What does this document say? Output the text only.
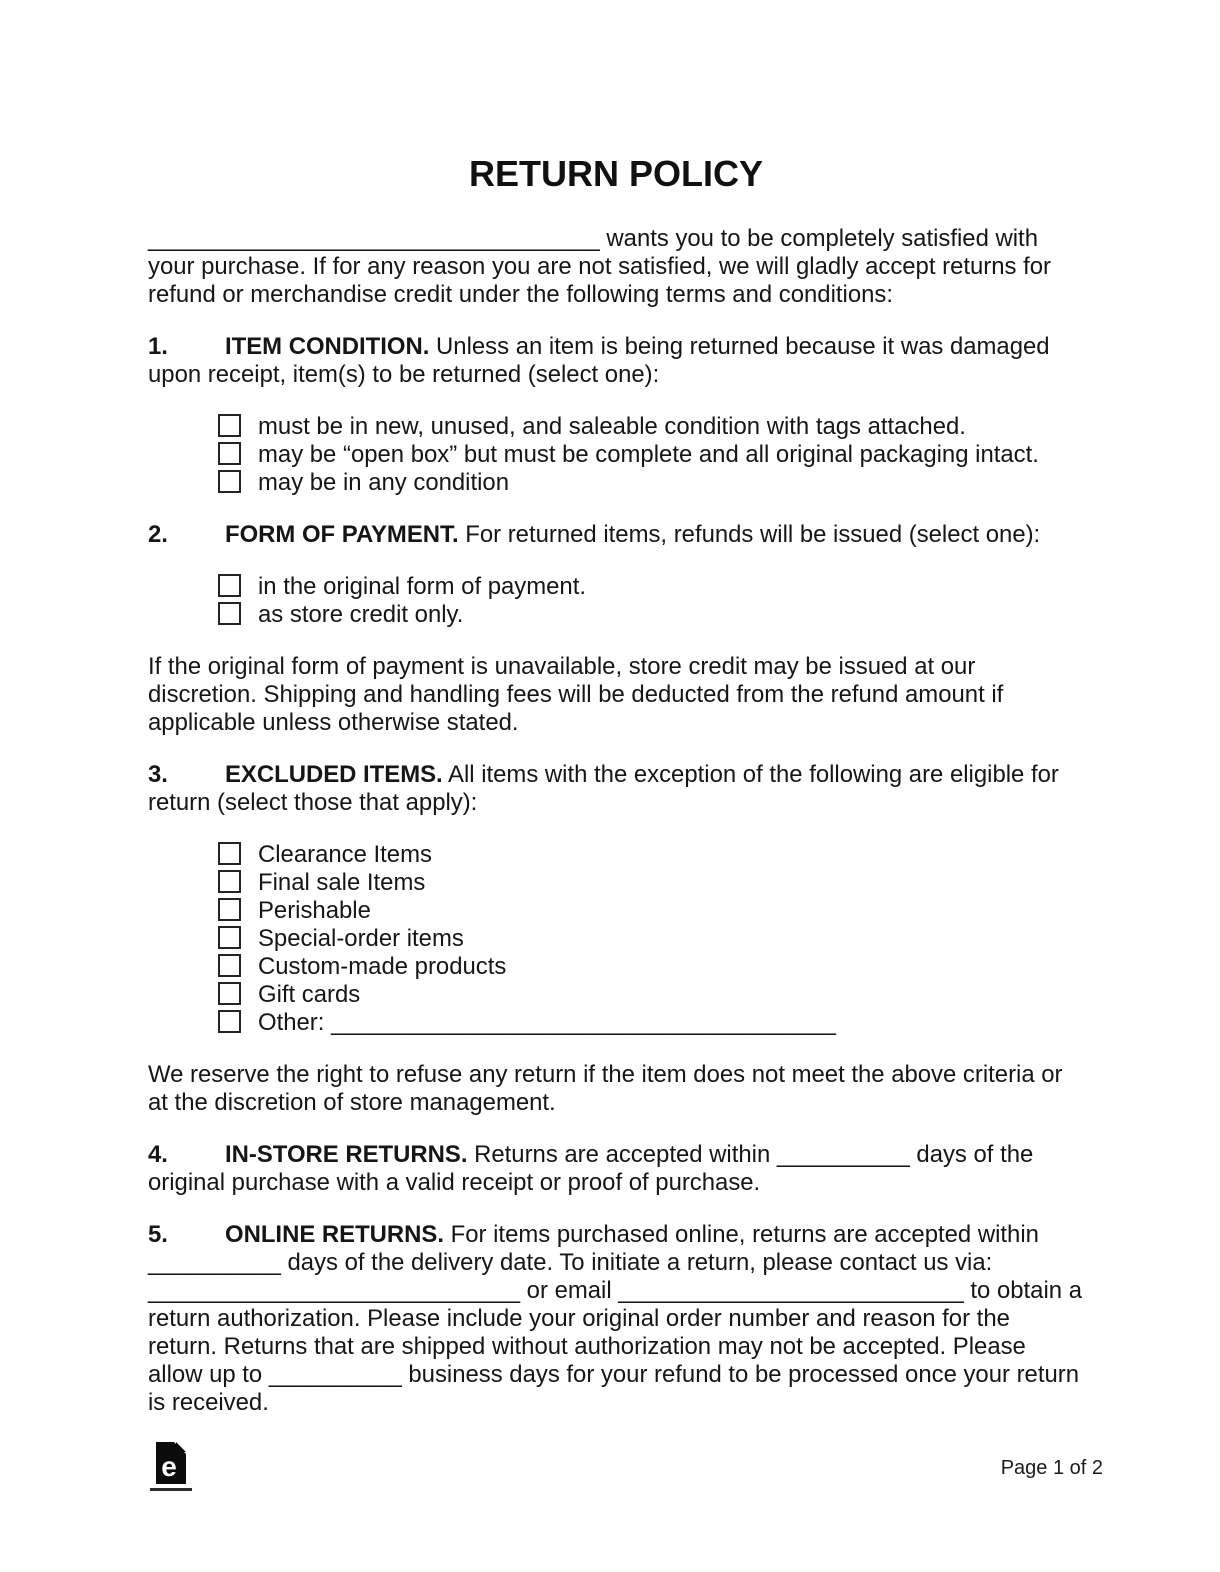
RETURN POLICY

__________________________________ wants you to be completely satisfied with your purchase. If for any reason you are not satisfied, we will gladly accept returns for refund or merchandise credit under the following terms and conditions:

1. ITEM CONDITION. Unless an item is being returned because it was damaged upon receipt, item(s) to be returned (select one):

must be in new, unused, and saleable condition with tags attached.
may be “open box” but must be complete and all original packaging intact.
may be in any condition

2. FORM OF PAYMENT. For returned items, refunds will be issued (select one):

in the original form of payment.
as store credit only.

If the original form of payment is unavailable, store credit may be issued at our discretion. Shipping and handling fees will be deducted from the refund amount if applicable unless otherwise stated.

3. EXCLUDED ITEMS. All items with the exception of the following are eligible for return (select those that apply):

Clearance Items
Final sale Items
Perishable
Special-order items
Custom-made products
Gift cards
Other: ______________________________________

We reserve the right to refuse any return if the item does not meet the above criteria or at the discretion of store management.

4. IN-STORE RETURNS. Returns are accepted within __________ days of the original purchase with a valid receipt or proof of purchase.

5. ONLINE RETURNS. For items purchased online, returns are accepted within __________ days of the delivery date. To initiate a return, please contact us via: ____________________________ or email __________________________ to obtain a return authorization. Please include your original order number and reason for the return. Returns that are shipped without authorization may not be accepted. Please allow up to __________ business days for your refund to be processed once your return is received.

e	Page 1 of 2
